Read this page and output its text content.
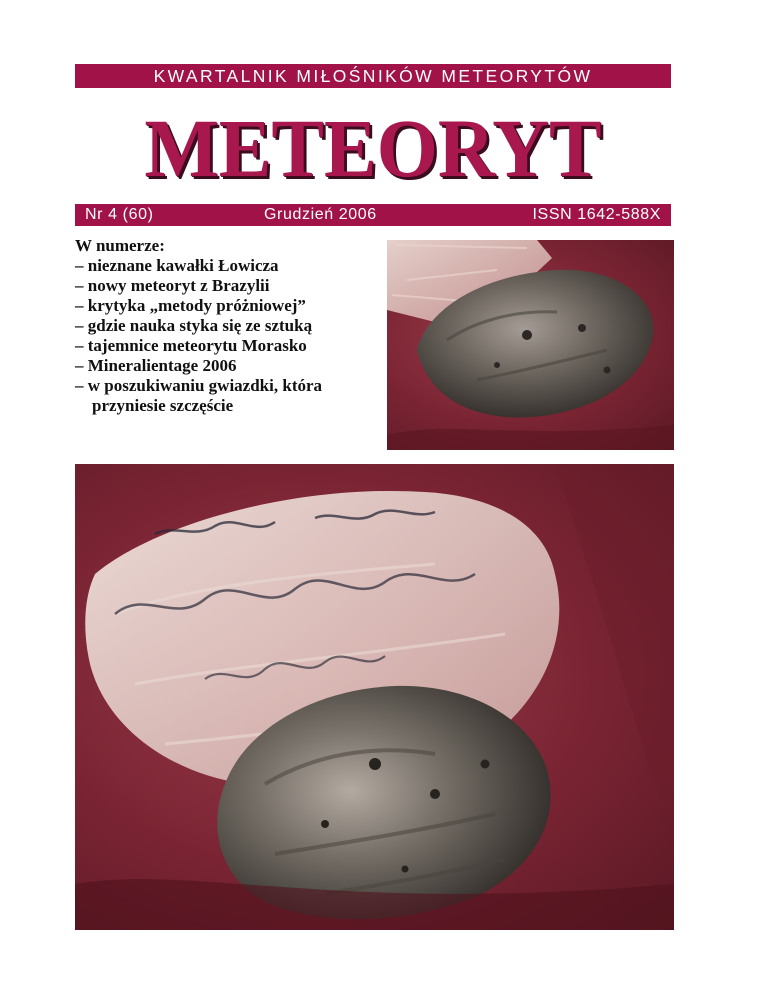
KWARTALNIK MIŁOŚNIKÓW METEORYTÓW
METEORYT
Nr 4 (60)	Grudzień 2006	ISSN 1642-588X

W numerze:

– nieznane kawałki Łowicza
– nowy meteoryt z Brazylii
– krytyka „metody próżniowej”
– gdzie nauka styka się ze sztuką
– tajemnice meteorytu Morasko
– Mineralientage 2006
– w poszukiwaniu gwiazdki, która przyniesie szczęście
